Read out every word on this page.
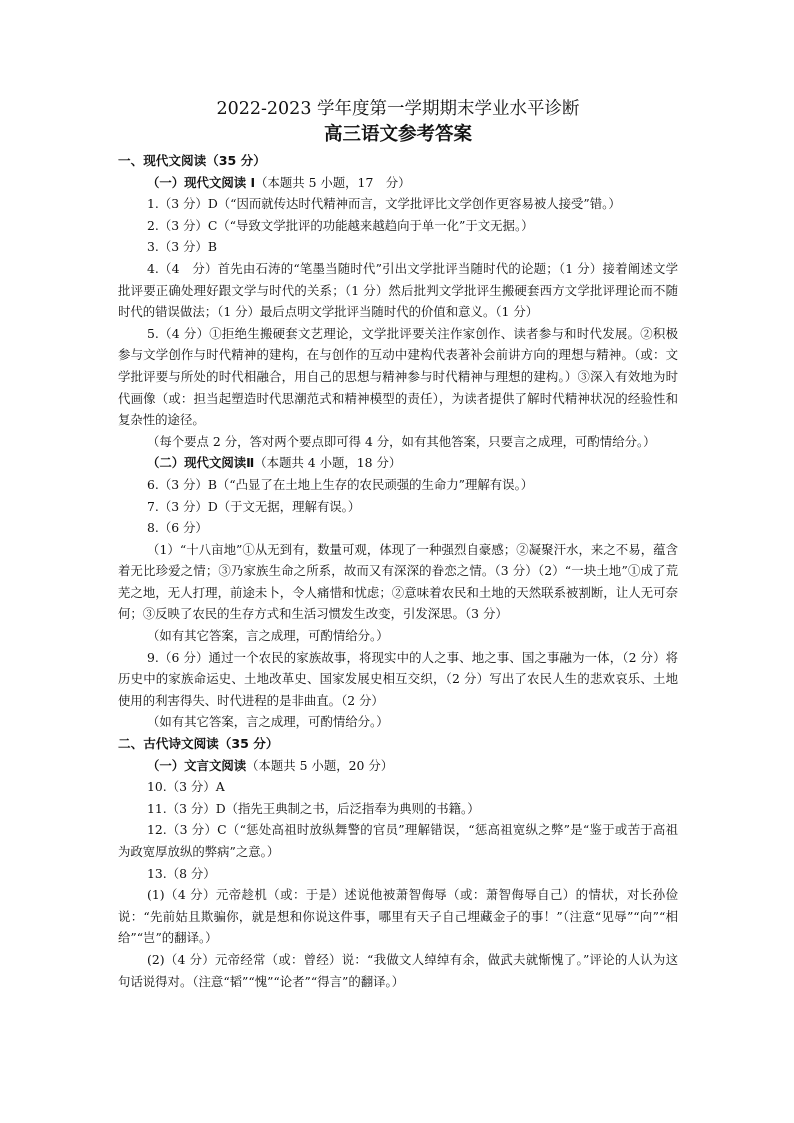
2022-2023 学年度第一学期期末学业水平诊断
高三语文参考答案

一、现代文阅读（35 分）

（一）现代文阅读 I（本题共 5 小题，17　分）

1.（3 分）D（“因而就传达时代精神而言，文学批评比文学创作更容易被人接受”错。）

2.（3 分）C（“导致文学批评的功能越来越趋向于单一化”于文无据。）

3.（3 分）B

4.（4　分）首先由石涛的“笔墨当随时代”引出文学批评当随时代的论题；（1 分）接着阐述文学批评要正确处理好跟文学与时代的关系；（1 分）然后批判文学批评生搬硬套西方文学批评理论而不随时代的错误做法；（1 分）最后点明文学批评当随时代的价值和意义。（1 分）

5.（4 分）①拒绝生搬硬套文艺理论，文学批评要关注作家创作、读者参与和时代发展。②积极参与文学创作与时代精神的建构，在与创作的互动中建构代表著补会前讲方向的理想与精神。（或：文学批评要与所处的时代相融合，用自己的思想与精神参与时代精神与理想的建构。）③深入有效地为时代画像（或：担当起塑造时代思潮范式和精神模型的责任），为读者提供了解时代精神状况的经验性和复杂性的途径。

（每个要点 2 分，答对两个要点即可得 4 分，如有其他答案，只要言之成理，可酌情给分。）

（二）现代文阅读Ⅱ（本题共 4 小题，18 分）

6.（3 分）B（“凸显了在土地上生存的农民顽强的生命力”理解有误。）

7.（3 分）D（于文无据，理解有误。）

8.（6 分）

（1）“十八亩地”①从无到有，数量可观，体现了一种强烈自豪感；②凝聚汗水，来之不易，蕴含着无比珍爱之情；③乃家族生命之所系，故而又有深深的眷恋之情。（3 分）（2）“一块土地”①成了荒芜之地，无人打理，前途未卜，令人痛惜和忧虑；②意味着农民和土地的天然联系被割断，让人无可奈何；③反映了农民的生存方式和生活习惯发生改变，引发深思。（3 分）

（如有其它答案，言之成理，可酌情给分。）

9.（6 分）通过一个农民的家族故事，将现实中的人之事、地之事、国之事融为一体，（2 分）将历史中的家族命运史、土地改革史、国家发展史相互交织，（2 分）写出了农民人生的悲欢哀乐、土地使用的利害得失、时代进程的是非曲直。（2 分）

（如有其它答案，言之成理，可酌情给分。）

二、古代诗文阅读（35 分）

（一）文言文阅读（本题共 5 小题，20 分）

10.（3 分）A

11.（3 分）D（指先王典制之书，后泛指奉为典则的书籍。）

12.（3 分）C（“惩处高祖时放纵舞警的官员”理解错误，“惩高祖宽纵之弊”是“鉴于或苦于高祖为政宽厚放纵的弊病”之意。）

13.（8 分）

(1)（4 分）元帝趁机（或：于是）述说他被萧智侮辱（或：萧智侮辱自己）的情状，对长孙俭说：“先前姑且欺骗你，就是想和你说这件事，哪里有天子自己埋藏金子的事！”（注意“见辱”“向”“相给”“岂”的翻译。）

(2)（4 分）元帝经常（或：曾经）说：“我做文人绰绰有余，做武夫就惭愧了。”评论的人认为这句话说得对。（注意“韬”“愧”“论者”“得言”的翻译。）
